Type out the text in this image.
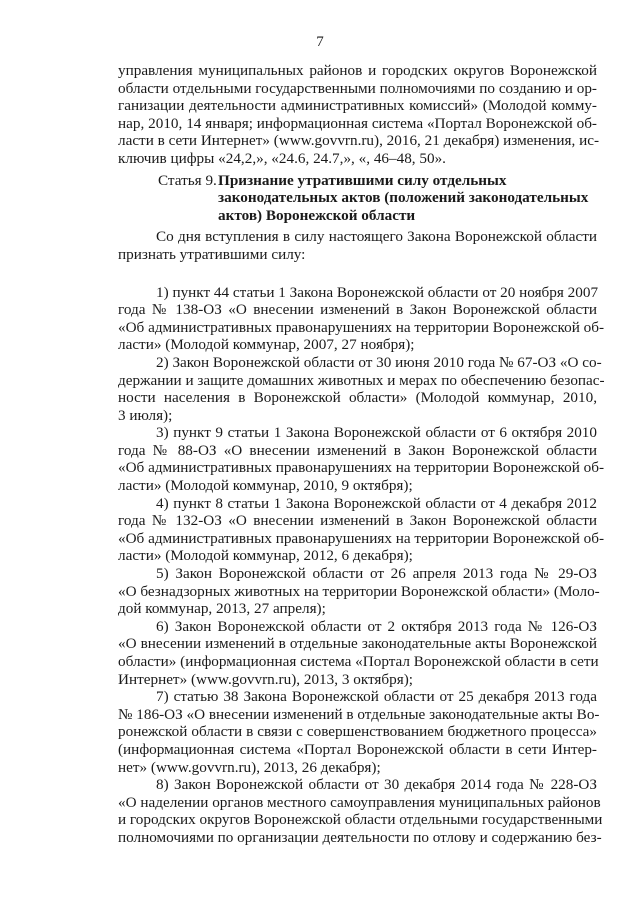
7
управления муниципальных районов и городских округов Воронежской
области отдельными государственными полномочиями по созданию и ор-
ганизации деятельности административных комиссий» (Молодой комму-
нар, 2010, 14 января; информационная система «Портал Воронежской об-
ласти в сети Интернет» (www.govvrn.ru), 2016, 21 декабря) изменения, ис-
ключив цифры «24,2,», «24.6, 24.7,», «, 46–48, 50».
Статья 9. Признание утратившими силу отдельных
законодательных актов (положений законодательных
актов) Воронежской области
Со дня вступления в силу настоящего Закона Воронежской области
признать утратившими силу:
1) пункт 44 статьи 1 Закона Воронежской области от 20 ноября 2007
года № 138-ОЗ «О внесении изменений в Закон Воронежской области
«Об административных правонарушениях на территории Воронежской об-
ласти» (Молодой коммунар, 2007, 27 ноября);
2) Закон Воронежской области от 30 июня 2010 года № 67-ОЗ «О со-
держании и защите домашних животных и мерах по обеспечению безопас-
ности населения в Воронежской области» (Молодой коммунар, 2010,
3 июля);
3) пункт 9 статьи 1 Закона Воронежской области от 6 октября 2010
года № 88-ОЗ «О внесении изменений в Закон Воронежской области
«Об административных правонарушениях на территории Воронежской об-
ласти» (Молодой коммунар, 2010, 9 октября);
4) пункт 8 статьи 1 Закона Воронежской области от 4 декабря 2012
года № 132-ОЗ «О внесении изменений в Закон Воронежской области
«Об административных правонарушениях на территории Воронежской об-
ласти» (Молодой коммунар, 2012, 6 декабря);
5) Закон Воронежской области от 26 апреля 2013 года № 29-ОЗ
«О безнадзорных животных на территории Воронежской области» (Моло-
дой коммунар, 2013, 27 апреля);
6) Закон Воронежской области от 2 октября 2013 года № 126-ОЗ
«О внесении изменений в отдельные законодательные акты Воронежской
области» (информационная система «Портал Воронежской области в сети
Интернет» (www.govvrn.ru), 2013, 3 октября);
7) статью 38 Закона Воронежской области от 25 декабря 2013 года
№ 186-ОЗ «О внесении изменений в отдельные законодательные акты Во-
ронежской области в связи с совершенствованием бюджетного процесса»
(информационная система «Портал Воронежской области в сети Интер-
нет» (www.govvrn.ru), 2013, 26 декабря);
8) Закон Воронежской области от 30 декабря 2014 года № 228-ОЗ
«О наделении органов местного самоуправления муниципальных районов
и городских округов Воронежской области отдельными государственными
полномочиями по организации деятельности по отлову и содержанию без-
